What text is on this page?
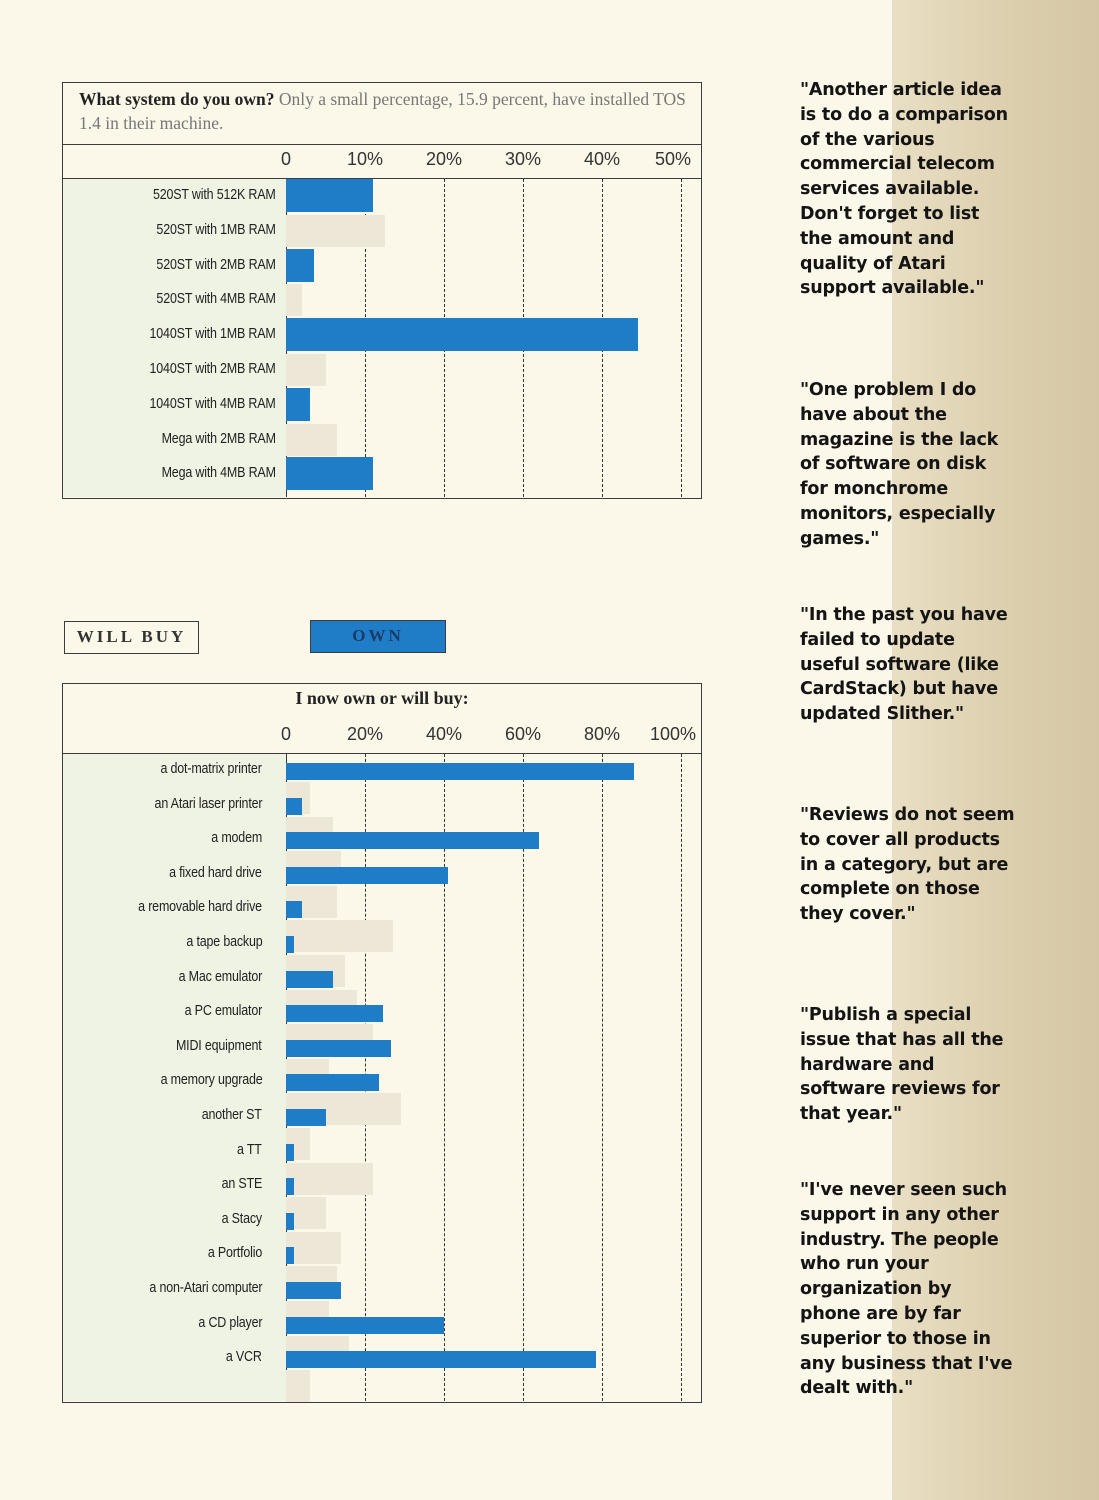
What system do you own? Only a small percentage, 15.9 percent, have installed TOS 1.4 in their machine.
0	10% 20% 30% 40% 50%
520ST with 512K RAM
520ST with 1MB RAM
520ST with 2MB RAM
520ST with 4MB RAM
1040ST with 1MB RAM
1040ST with 2MB RAM
1040ST with 4MB RAM
Mega with 2MB RAM
Mega with 4MB RAM
WILL BUY	OWN
I now own or will buy:
0	20% 40% 60% 80% 100%
a dot-matrix printer
an Atari laser printer
a modem
a fixed hard drive
a removable hard drive
a tape backup
a Mac emulator
a PC emulator
MIDI equipment
a memory upgrade
another ST
a TT
an STE
a Stacy
a Portfolio
a non-Atari computer
a CD player
a VCR
"Another article idea is to do a comparison of the various commercial telecom services available. Don't forget to list the amount and quality of Atari support available."
"One problem I do have about the magazine is the lack of software on disk for monchrome monitors, especially games."
"In the past you have failed to update useful software (like CardStack) but have updated Slither."
"Reviews do not seem to cover all products in a category, but are complete on those they cover."
"Publish a special issue that has all the hardware and software reviews for that year."
"I've never seen such support in any other industry. The people who run your organization by phone are by far superior to those in any business that I've dealt with."
